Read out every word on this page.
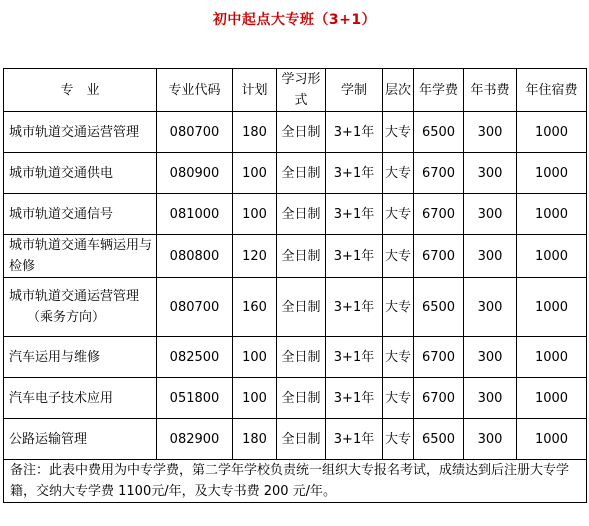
初中起点大专班（3+1）
专　业	专业代码	计划	学习形式	学制	层次	年学费	年书费	年住宿费

城市轨道交通运营管理	080700	180	全日制	3+1年	大专	6500	300	1000

城市轨道交通供电	080900	100	全日制	3+1年	大专	6700	300	1000

城市轨道交通信号	081000	100	全日制	3+1年	大专	6700	300	1000

城市轨道交通车辆运用与检修	080800	120	全日制	3+1年	大专	6700	300	1000

城市轨道交通运营管理
（乘务方向）	080700	160	全日制	3+1年	大专	6500	300	1000

汽车运用与维修	082500	100	全日制	3+1年	大专	6700	300	1000

汽车电子技术应用	051800	100	全日制	3+1年	大专	6700	300	1000

公路运输管理	082900	180	全日制	3+1年	大专	6500	300	1000
备注：此表中费用为中专学费，第二学年学校负责统一组织大专报名考试，成绩达到后注册大专学籍，交纳大专学费 1100元/年，及大专书费 200 元/年。								
